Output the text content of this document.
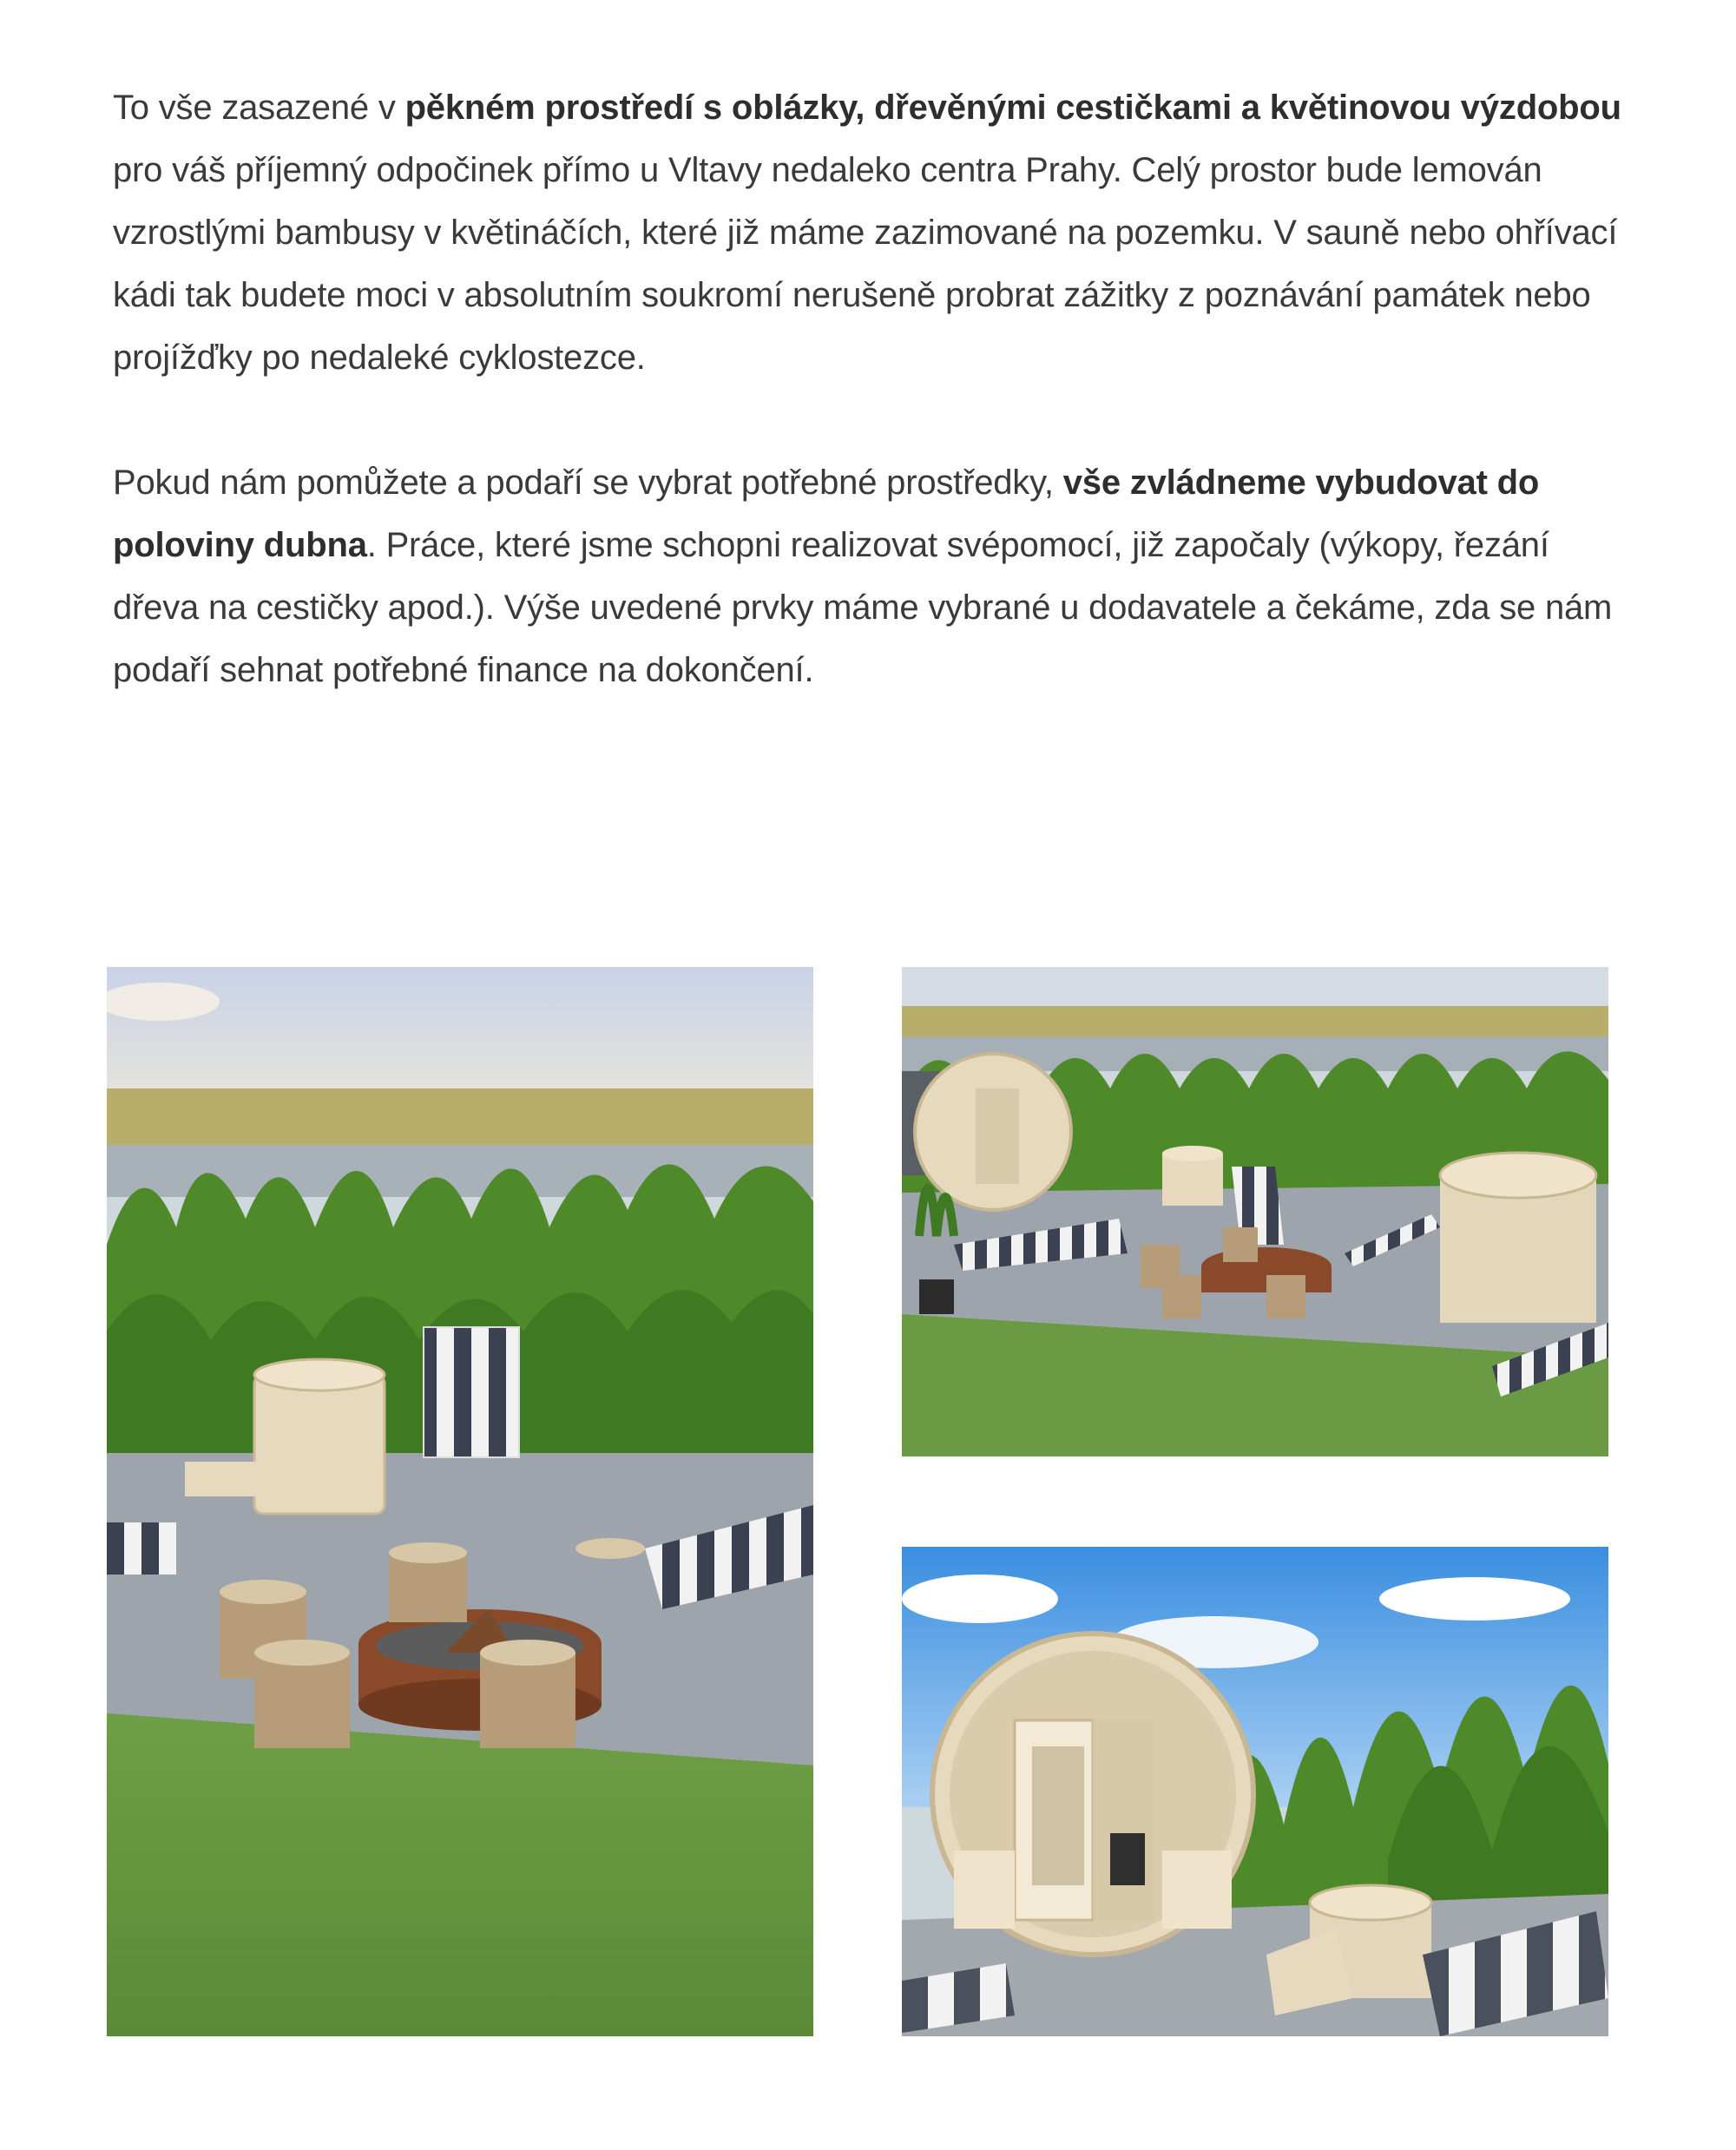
To vše zasazené v pěkném prostředí s oblázky, dřevěnými cestičkami a květinovou výzdobou pro váš příjemný odpočinek přímo u Vltavy nedaleko centra Prahy. Celý prostor bude lemován vzrostlými bambusy v květináčích, které již máme zazimované na pozemku. V sauně nebo ohřívací kádi tak budete moci v absolutním soukromí nerušeně probrat zážitky z poznávání památek nebo projížďky po nedaleké cyklostezce.

Pokud nám pomůžete a podaří se vybrat potřebné prostředky, vše zvládneme vybudovat do poloviny dubna. Práce, které jsme schopni realizovat svépomocí, již započaly (výkopy, řezání dřeva na cestičky apod.). Výše uvedené prvky máme vybrané u dodavatele a čekáme, zda se nám podaří sehnat potřebné finance na dokončení.
